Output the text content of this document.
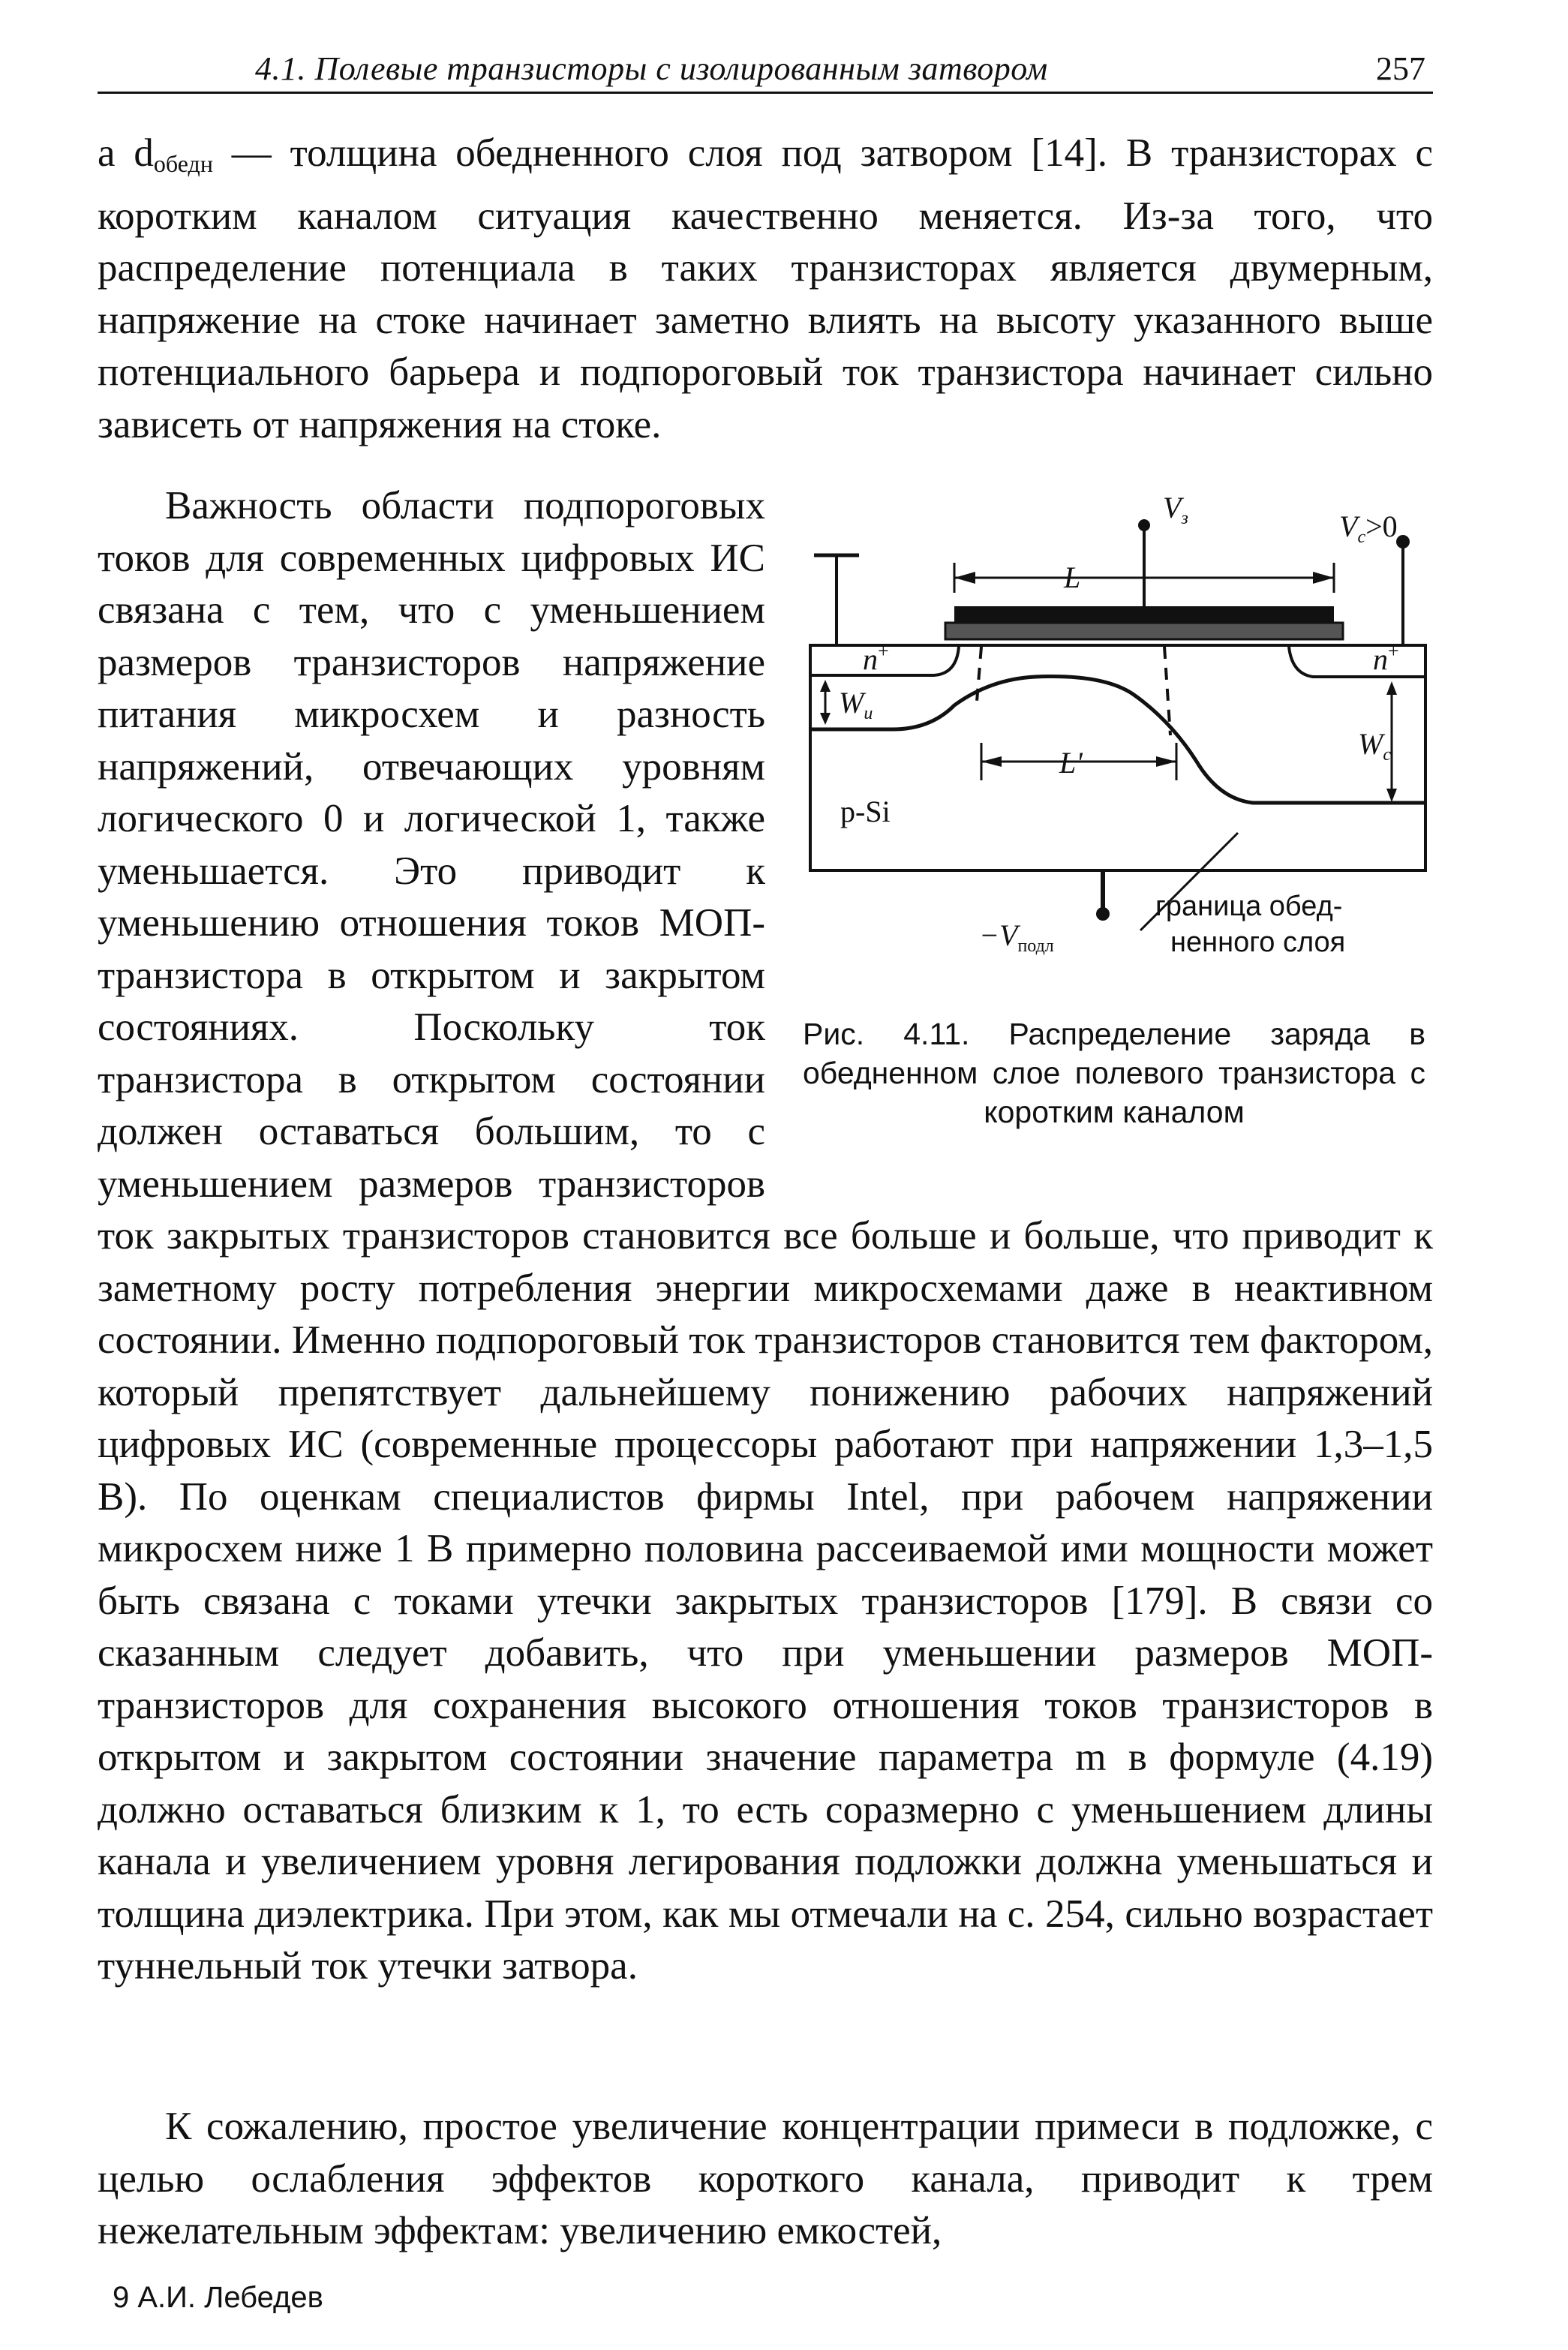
4.1. Полевые транзисторы с изолированным затвором	257

а $d_{обедн}$ — толщина обедненного слоя под затвором [14]. В транзисторах с коротким каналом ситуация качественно меняется. Из-за того, что распределение потенциала в таких транзисторах является двумерным, напряжение на стоке начинает заметно влиять на высоту указанного выше потенциального барьера и подпороговый ток транзистора начинает сильно зависеть от напряжения на стоке.

$V_з$	$V_с>0$
L
L'
n+	n+
$W_и$
$W_с$
p-Si
$-V_{подл}$
граница обед-
ненного слоя
Рис. 4.11. Распределение заряда в обедненном слое полевого транзистора с коротким каналом

Важность области подпороговых токов для современных цифровых ИС связана с тем, что с уменьшением размеров транзисторов напряжение питания микросхем и разность напряжений, отвечающих уровням логического 0 и логической 1, также уменьшается. Это приводит к уменьшению отношения токов МОП-транзистора в открытом и закрытом состояниях. Поскольку ток транзистора в открытом состоянии должен оставаться большим, то с уменьшением размеров транзисторов ток закрытых транзисторов становится все больше и больше, что приводит к заметному росту потребления энергии микросхемами даже в неактивном состоянии. Именно подпороговый ток транзисторов становится тем фактором, который препятствует дальнейшему понижению рабочих напряжений цифровых ИС (современные процессоры работают при напряжении 1,3–1,5 В). По оценкам специалистов фирмы Intel, при рабочем напряжении микросхем ниже 1 В примерно половина рассеиваемой ими мощности может быть связана с токами утечки закрытых транзисторов [179]. В связи со сказанным следует добавить, что при уменьшении размеров МОП-транзисторов для сохранения высокого отношения токов транзисторов в открытом и закрытом состоянии значение параметра m в формуле (4.19) должно оставаться близким к 1, то есть соразмерно с уменьшением длины канала и увеличением уровня легирования подложки должна уменьшаться и толщина диэлектрика. При этом, как мы отмечали на с. 254, сильно возрастает туннельный ток утечки затвора.

К сожалению, простое увеличение концентрации примеси в подложке, с целью ослабления эффектов короткого канала, приводит к трем нежелательным эффектам: увеличению емкостей,

9 А.И. Лебедев
